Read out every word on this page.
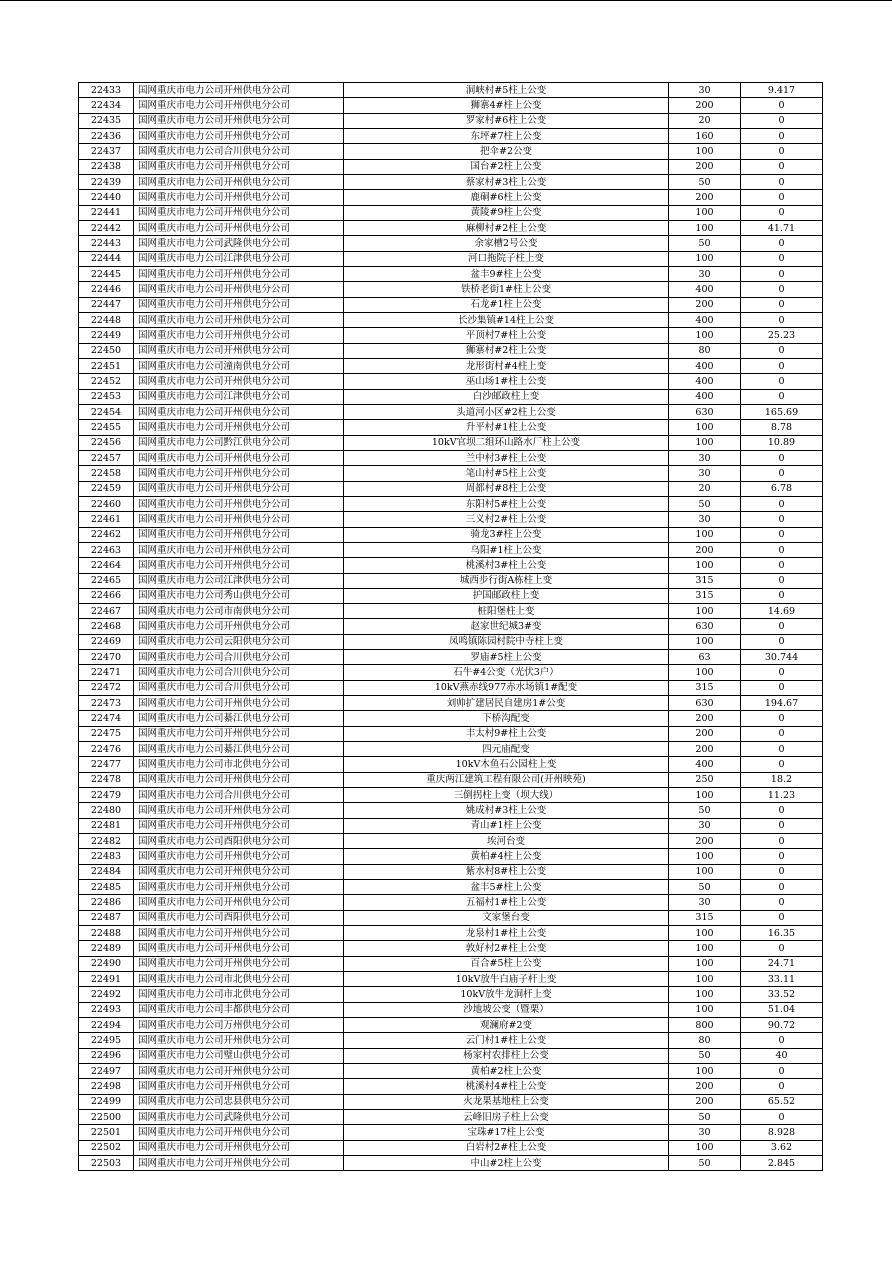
22433	国网重庆市电力公司开州供电分公司	洞峡村#5柱上公变	30	9.417
22434	国网重庆市电力公司开州供电分公司	狮寨4#柱上公变	200	0
22435	国网重庆市电力公司开州供电分公司	罗家村#6柱上公变	20	0
22436	国网重庆市电力公司开州供电分公司	东坪#7柱上公变	160	0
22437	国网重庆市电力公司合川供电分公司	把伞#2公变	100	0
22438	国网重庆市电力公司开州供电分公司	国台#2柱上公变	200	0
22439	国网重庆市电力公司开州供电分公司	蔡家村#3柱上公变	50	0
22440	国网重庆市电力公司开州供电分公司	鹿硐#6柱上公变	200	0
22441	国网重庆市电力公司开州供电分公司	黄陵#9柱上公变	100	0
22442	国网重庆市电力公司开州供电分公司	麻柳村#2柱上公变	100	41.71
22443	国网重庆市电力公司武隆供电分公司	余家槽2号公变	50	0
22444	国网重庆市电力公司江津供电分公司	河口拖院子柱上变	100	0
22445	国网重庆市电力公司开州供电分公司	盆丰9#柱上公变	30	0
22446	国网重庆市电力公司开州供电分公司	铁桥老街1#柱上公变	400	0
22447	国网重庆市电力公司开州供电分公司	石龙#1柱上公变	200	0
22448	国网重庆市电力公司开州供电分公司	长沙集镇#14柱上公变	400	0
22449	国网重庆市电力公司开州供电分公司	平顶村7#柱上公变	100	25.23
22450	国网重庆市电力公司开州供电分公司	狮寨村#2柱上公变	80	0
22451	国网重庆市电力公司潼南供电分公司	龙形街村#4柱上变	400	0
22452	国网重庆市电力公司开州供电分公司	巫山场1#柱上公变	400	0
22453	国网重庆市电力公司江津供电分公司	白沙邮政柱上变	400	0
22454	国网重庆市电力公司开州供电分公司	头道河小区#2柱上公变	630	165.69
22455	国网重庆市电力公司开州供电分公司	升平村#1柱上公变	100	8.78
22456	国网重庆市电力公司黔江供电分公司	10kV官坝二组环山路水厂柱上公变	100	10.89
22457	国网重庆市电力公司开州供电分公司	兰中村3#柱上公变	30	0
22458	国网重庆市电力公司开州供电分公司	笔山村#5柱上公变	30	0
22459	国网重庆市电力公司开州供电分公司	周都村#8柱上公变	20	6.78
22460	国网重庆市电力公司开州供电分公司	东阳村5#柱上公变	50	0
22461	国网重庆市电力公司开州供电分公司	三义村2#柱上公变	30	0
22462	国网重庆市电力公司开州供电分公司	骑龙3#柱上公变	100	0
22463	国网重庆市电力公司开州供电分公司	乌阳#1柱上公变	200	0
22464	国网重庆市电力公司开州供电分公司	桃溪村3#柱上公变	100	0
22465	国网重庆市电力公司江津供电分公司	城西步行街A栋柱上变	315	0
22466	国网重庆市电力公司秀山供电分公司	护国邮政柱上变	315	0
22467	国网重庆市电力公司市南供电分公司	桩阳堡柱上变	100	14.69
22468	国网重庆市电力公司开州供电分公司	赵家世纪城3#变	630	0
22469	国网重庆市电力公司云阳供电分公司	凤鸣镇陈园村院中寺柱上变	100	0
22470	国网重庆市电力公司合川供电分公司	罗庙#5柱上公变	63	30.744
22471	国网重庆市电力公司合川供电分公司	石牛#4公变（光伏3户）	100	0
22472	国网重庆市电力公司合川供电分公司	10kV燕赤线977赤水场镇1#配变	315	0
22473	国网重庆市电力公司开州供电分公司	刘帅扩建居民自建房1#公变	630	194.67
22474	国网重庆市电力公司綦江供电分公司	下桥沟配变	200	0
22475	国网重庆市电力公司开州供电分公司	丰太村9#柱上公变	200	0
22476	国网重庆市电力公司綦江供电分公司	四元庙配变	200	0
22477	国网重庆市电力公司市北供电分公司	10kV木鱼石公园柱上变	400	0
22478	国网重庆市电力公司开州供电分公司	重庆两江建筑工程有限公司(开州映苑)	250	18.2
22479	国网重庆市电力公司合川供电分公司	三倒拐柱上变（坝大线）	100	11.23
22480	国网重庆市电力公司开州供电分公司	姚成村#3柱上公变	50	0
22481	国网重庆市电力公司开州供电分公司	青山#1柱上公变	30	0
22482	国网重庆市电力公司酉阳供电分公司	埃河台变	200	0
22483	国网重庆市电力公司开州供电分公司	黄柏#4柱上公变	100	0
22484	国网重庆市电力公司开州供电分公司	紫水村8#柱上公变	100	0
22485	国网重庆市电力公司开州供电分公司	盆丰5#柱上公变	50	0
22486	国网重庆市电力公司开州供电分公司	五福村1#柱上公变	30	0
22487	国网重庆市电力公司酉阳供电分公司	文家堡台变	315	0
22488	国网重庆市电力公司开州供电分公司	龙泉村1#柱上公变	100	16.35
22489	国网重庆市电力公司开州供电分公司	敦好村2#柱上公变	100	0
22490	国网重庆市电力公司开州供电分公司	百合#5柱上公变	100	24.71
22491	国网重庆市电力公司市北供电分公司	10kV放牛白庙子杆上变	100	33.11
22492	国网重庆市电力公司市北供电分公司	10kV放牛龙洞杆上变	100	33.52
22493	国网重庆市电力公司丰都供电分公司	沙地坡公变（暨栗）	100	51.04
22494	国网重庆市电力公司万州供电分公司	观澜府#2变	800	90.72
22495	国网重庆市电力公司开州供电分公司	云门村1#柱上公变	80	0
22496	国网重庆市电力公司璧山供电分公司	杨家村农排柱上公变	50	40
22497	国网重庆市电力公司开州供电分公司	黄柏#2柱上公变	100	0
22498	国网重庆市电力公司开州供电分公司	桃溪村4#柱上公变	200	0
22499	国网重庆市电力公司忠县供电分公司	火龙果基地柱上公变	200	65.52
22500	国网重庆市电力公司武隆供电分公司	云峰旧房子柱上公变	50	0
22501	国网重庆市电力公司开州供电分公司	宝珠#17柱上公变	30	8.928
22502	国网重庆市电力公司开州供电分公司	白岩村2#柱上公变	100	3.62
22503	国网重庆市电力公司开州供电分公司	中山#2柱上公变	50	2.845
